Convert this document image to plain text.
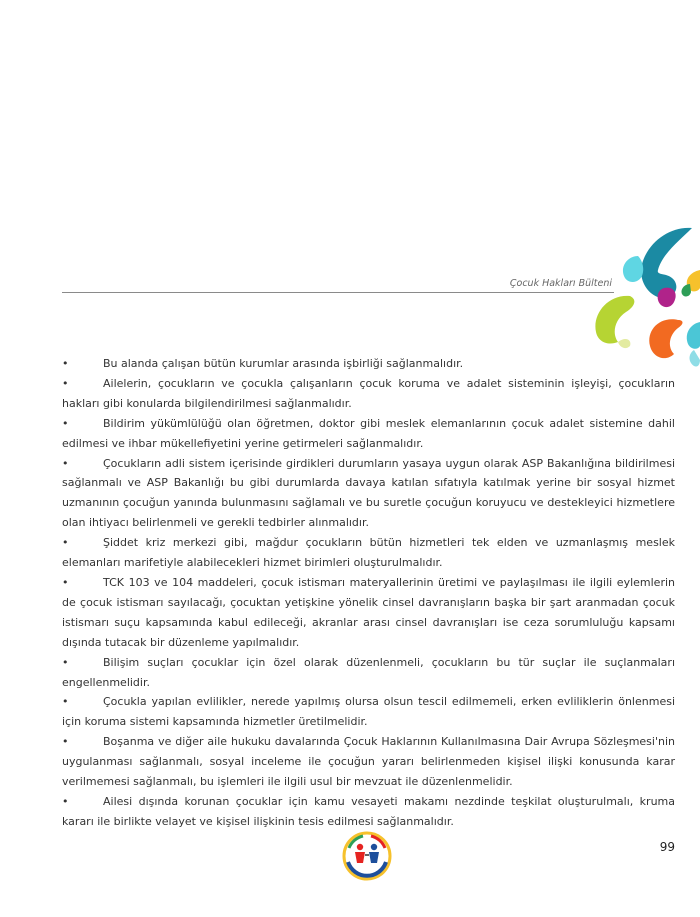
Çocuk Hakları Bülteni

•	Bu alanda çalışan bütün kurumlar arasında işbirliği sağlanmalıdır.

•	Ailelerin, çocukların ve çocukla çalışanların çocuk koruma ve adalet sisteminin işleyişi, çocukların hakları gibi konularda bilgilendirilmesi sağlanmalıdır.

•	Bildirim yükümlülüğü olan öğretmen, doktor gibi meslek elemanlarının çocuk adalet sistemine dahil edilmesi ve ihbar mükellefiyetini yerine getirmeleri sağlanmalıdır.

•	Çocukların adli sistem içerisinde girdikleri durumların yasaya uygun olarak ASP Bakanlığına bildirilmesi sağlanmalı ve ASP Bakanlığı bu gibi durumlarda davaya katılan sıfatıyla katılmak yerine bir sosyal hizmet uzmanının çocuğun yanında bulunmasını sağlamalı ve bu suretle çocuğun koruyucu ve destekleyici hizmetlere olan ihtiyacı belirlenmeli ve gerekli tedbirler alınmalıdır.

•	Şiddet kriz merkezi gibi, mağdur çocukların bütün hizmetleri tek elden ve uzmanlaşmış meslek elemanları marifetiyle alabilecekleri hizmet birimleri oluşturulmalıdır.

•	TCK 103 ve 104 maddeleri, çocuk istismarı materyallerinin üretimi ve paylaşılması ile ilgili eylemlerin de çocuk istismarı sayılacağı, çocuktan yetişkine yönelik cinsel davranışların başka bir şart aranmadan çocuk istismarı suçu kapsamında kabul edileceği, akranlar arası cinsel davranışları ise ceza sorumluluğu kapsamı dışında tutacak bir düzenleme yapılmalıdır.

•	Bilişim suçları çocuklar için özel olarak düzenlenmeli, çocukların bu tür suçlar ile suçlanmaları engellenmelidir.

•	Çocukla yapılan evlilikler, nerede yapılmış olursa olsun tescil edilmemeli, erken evliliklerin önlenmesi için koruma sistemi kapsamında hizmetler üretilmelidir.

•	Boşanma ve diğer aile hukuku davalarında Çocuk Haklarının Kullanılmasına Dair Avrupa Sözleşmesi'nin uygulanması sağlanmalı, sosyal inceleme ile çocuğun yararı belirlenmeden kişisel ilişki konusunda karar verilmemesi sağlanmalı, bu işlemleri ile ilgili usul bir mevzuat ile düzenlenmelidir.

•	Ailesi dışında korunan çocuklar için kamu vesayeti makamı nezdinde teşkilat oluşturulmalı, kruma kararı ile birlikte velayet ve kişisel ilişkinin tesis edilmesi sağlanmalıdır.

99
